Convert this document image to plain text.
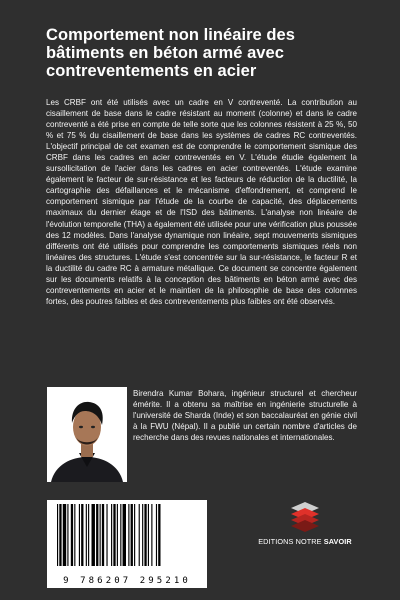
Comportement non linéaire des bâtiments en béton armé avec contreventements en acier

Les CRBF ont été utilisés avec un cadre en V contreventé. La contribution au cisaillement de base dans le cadre résistant au moment (colonne) et dans le cadre contreventé a été prise en compte de telle sorte que les colonnes résistent à 25 %, 50 % et 75 % du cisaillement de base dans les systèmes de cadres RC contreventés. L'objectif principal de cet examen est de comprendre le comportement sismique des CRBF dans les cadres en acier contreventés en V. L'étude étudie également la sursollicitation de l'acier dans les cadres en acier contreventés. L'étude examine également le facteur de sur-résistance et les facteurs de réduction de la ductilité, la cartographie des défaillances et le mécanisme d'effondrement, et comprend le comportement sismique par l'étude de la courbe de capacité, des déplacements maximaux du dernier étage et de l'ISD des bâtiments. L'analyse non linéaire de l'évolution temporelle (THA) a également été utilisée pour une vérification plus poussée des 12 modèles. Dans l'analyse dynamique non linéaire, sept mouvements sismiques différents ont été utilisés pour comprendre les comportements sismiques réels non linéaires des structures. L'étude s'est concentrée sur la sur-résistance, le facteur R et la ductilité du cadre RC à armature métallique. Ce document se concentre également sur les documents relatifs à la conception des bâtiments en béton armé avec des contreventements en acier et le maintien de la philosophie de base des colonnes fortes, des poutres faibles et des contreventements plus faibles ont été observés.

Birendra Kumar Bohara, ingénieur structurel et chercheur émérite. Il a obtenu sa maîtrise en ingénierie structurelle à l'université de Sharda (Inde) et son baccalauréat en génie civil à la FWU (Népal). Il a publié un certain nombre d'articles de recherche dans des revues nationales et internationales.

EDITIONS NOTRE SAVOIR
9 786207 295210
